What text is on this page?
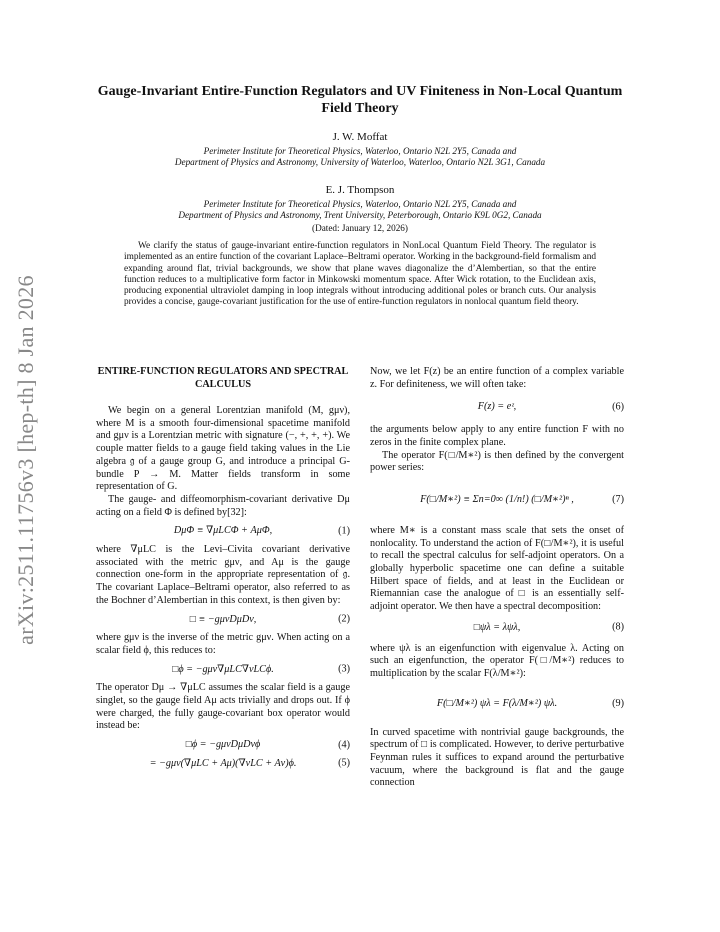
arXiv:2511.11756v3 [hep-th] 8 Jan 2026
Gauge-Invariant Entire-Function Regulators and UV Finiteness in Non-Local Quantum Field Theory
J. W. Moffat
Perimeter Institute for Theoretical Physics, Waterloo, Ontario N2L 2Y5, Canada and
Department of Physics and Astronomy, University of Waterloo, Waterloo, Ontario N2L 3G1, Canada
E. J. Thompson
Perimeter Institute for Theoretical Physics, Waterloo, Ontario N2L 2Y5, Canada and
Department of Physics and Astronomy, Trent University, Peterborough, Ontario K9L 0G2, Canada
(Dated: January 12, 2026)
We clarify the status of gauge-invariant entire-function regulators in NonLocal Quantum Field Theory. The regulator is implemented as an entire function of the covariant Laplace–Beltrami operator. Working in the background-field formalism and expanding around flat, trivial backgrounds, we show that plane waves diagonalize the d’Alembertian, so that the entire function reduces to a multiplicative form factor in Minkowski momentum space. After Wick rotation, to the Euclidean axis, producing exponential ultraviolet damping in loop integrals without introducing additional poles or branch cuts. Our analysis provides a concise, gauge-covariant justification for the use of entire-function regulators in nonlocal quantum field theory.
ENTIRE-FUNCTION REGULATORS AND SPECTRAL CALCULUS

We begin on a general Lorentzian manifold (M, gμν), where M is a smooth four-dimensional spacetime manifold and gμν is a Lorentzian metric with signature (−, +, +, +). We couple matter fields to a gauge field taking values in the Lie algebra 𝔤 of a gauge group G, and introduce a principal G-bundle P → M. Matter fields transform in some representation of G.

The gauge- and diffeomorphism-covariant derivative Dμ acting on a field Φ is defined by[32]:

DμΦ ≡ ∇μLCΦ + AμΦ,	(1)

where ∇μLC is the Levi–Civita covariant derivative associated with the metric gμν, and Aμ is the gauge connection one-form in the appropriate representation of 𝔤. The covariant Laplace–Beltrami operator, also referred to as the Bochner d’Alembertian in this context, is then given by:

□ ≡ −gμνDμDν,	(2)

where gμν is the inverse of the metric gμν. When acting on a scalar field ϕ, this reduces to:

□ϕ = −gμν∇μLC∇νLCϕ.	(3)

The operator Dμ → ∇μLC assumes the scalar field is a gauge singlet, so the gauge field Aμ acts trivially and drops out. If ϕ were charged, the fully gauge-covariant box operator would instead be:

□ϕ = −gμνDμDνϕ	(4)
= −gμν(∇μLC + Aμ)(∇νLC + Aν)ϕ.	(5)

Now, we let F(z) be an entire function of a complex variable z. For definiteness, we will often take:

F(z) = eᶻ,	(6)

the arguments below apply to any entire function F with no zeros in the finite complex plane.

The operator F(□/M∗²) is then defined by the convergent power series:

F(□/M∗²) ≡ Σn=0∞ (1/n!) (□/M∗²)ⁿ ,	(7)

where M∗ is a constant mass scale that sets the onset of nonlocality. To understand the action of F(□/M∗²), it is useful to recall the spectral calculus for self-adjoint operators. On a globally hyperbolic spacetime one can define a suitable Hilbert space of fields, and at least in the Euclidean or Riemannian case the analogue of □ is an essentially self-adjoint operator. We then have a spectral decomposition:

□ψλ = λψλ,	(8)

where ψλ is an eigenfunction with eigenvalue λ. Acting on such an eigenfunction, the operator F(□/M∗²) reduces to multiplication by the scalar F(λ/M∗²):

F(□/M∗²) ψλ = F(λ/M∗²) ψλ.	(9)

In curved spacetime with nontrivial gauge backgrounds, the spectrum of □ is complicated. However, to derive perturbative Feynman rules it suffices to expand around the perturbative vacuum, where the background is flat and the gauge connection
